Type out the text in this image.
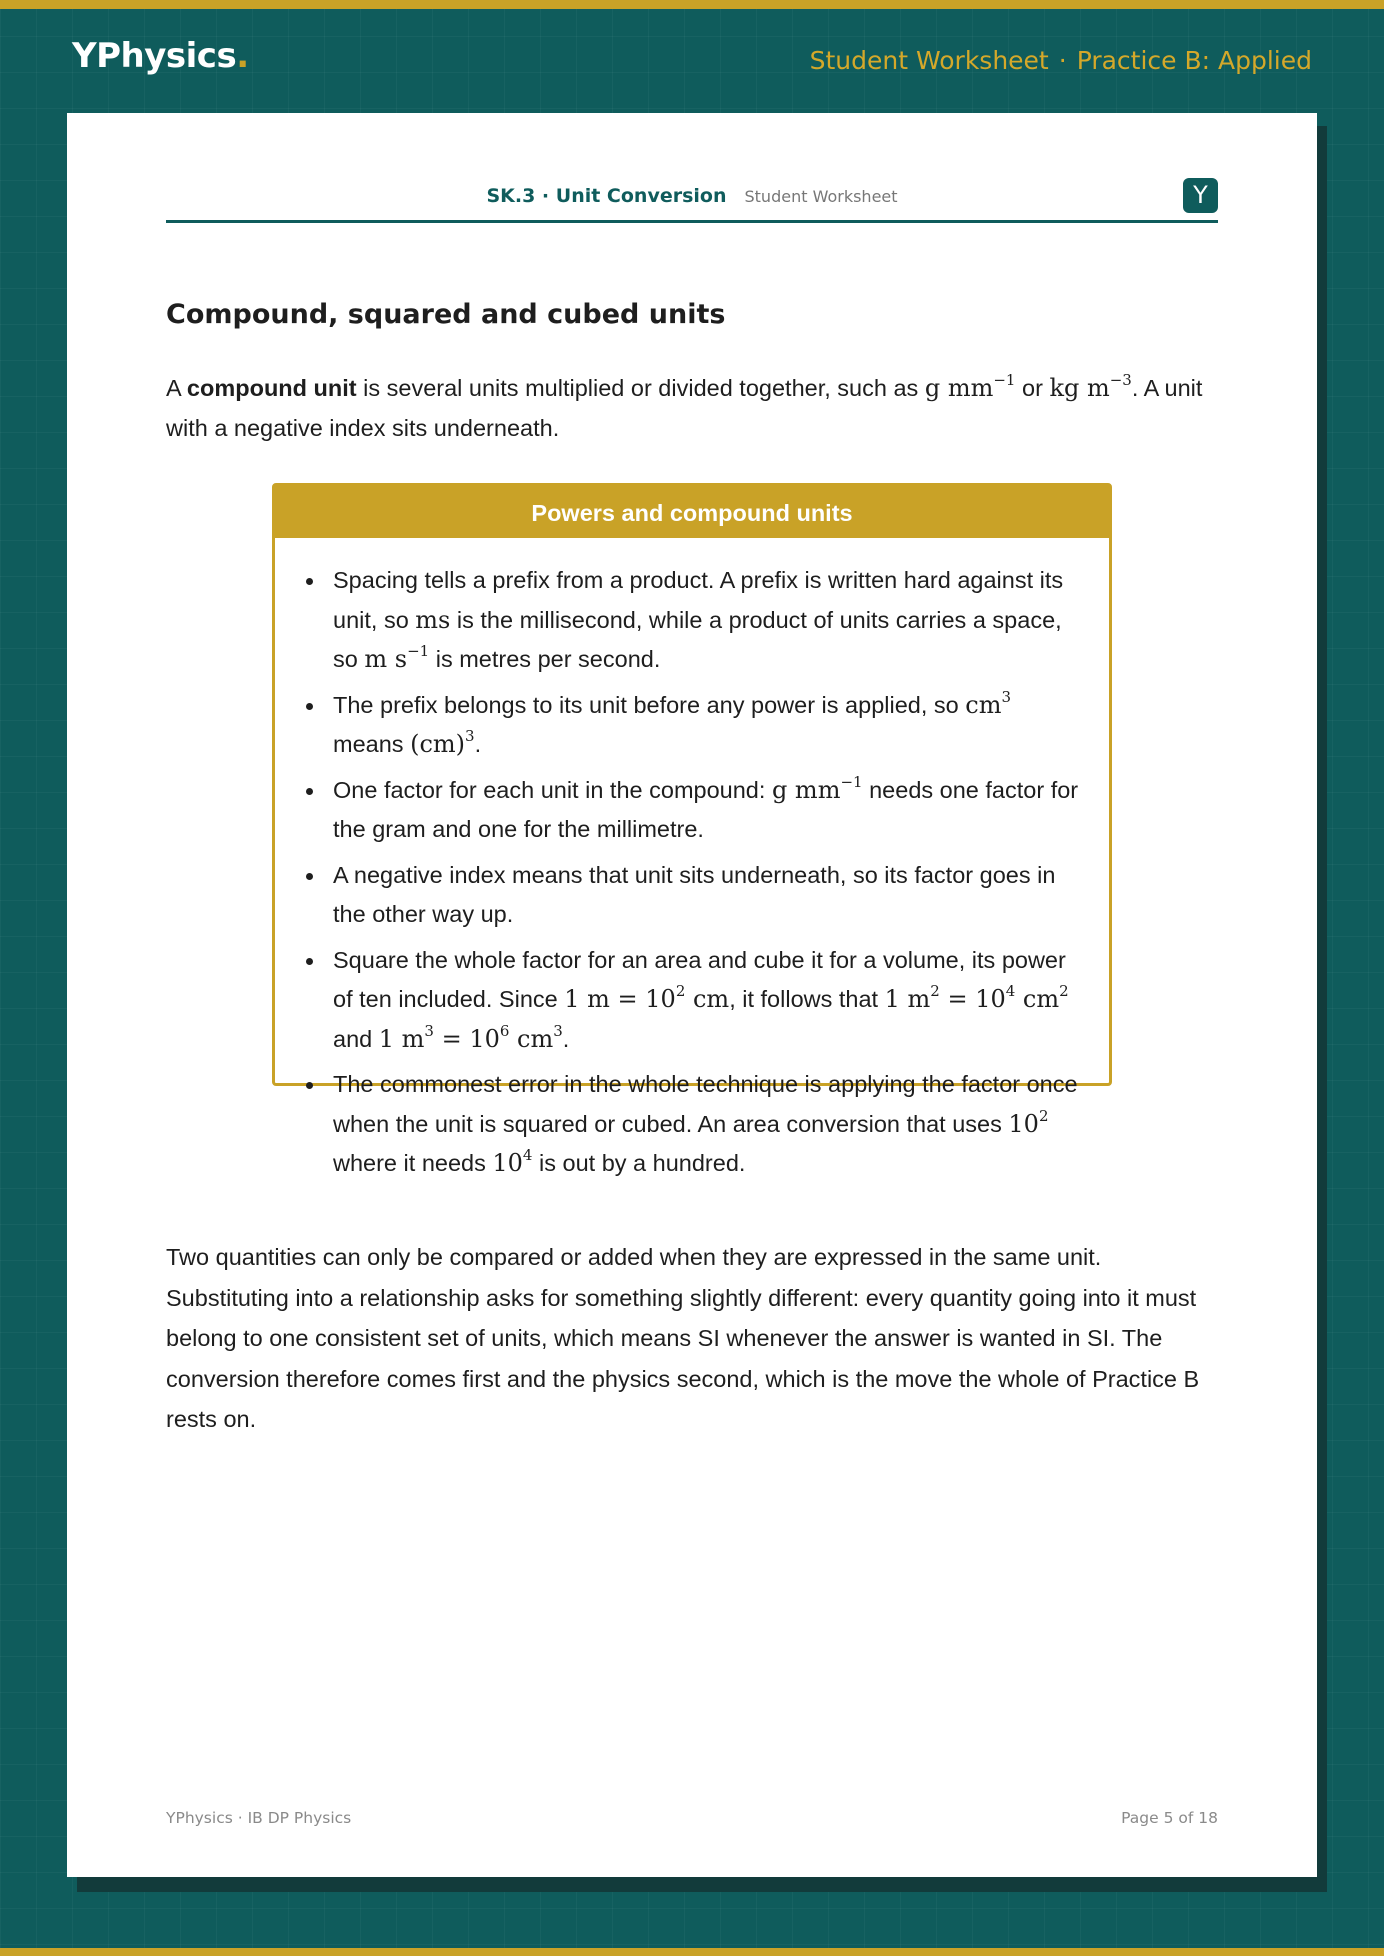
YPhysics.	Student Worksheet · Practice B: Applied
SK.3 · Unit Conversion Student Worksheet	Y
Compound, squared and cubed units

A compound unit is several units multiplied or divided together, such as g $mm^{-1}$ or kg $m^{-3}$. A unit with a negative index sits underneath.

Powers and compound units
Spacing tells a prefix from a product. A prefix is written hard against its unit, so ms is the millisecond, while a product of units carries a space, so m $s^{-1}$ is metres per second.
The prefix belongs to its unit before any power is applied, so $cm^3$ means (cm)$^3$.
One factor for each unit in the compound: g $mm^{-1}$ needs one factor for the gram and one for the millimetre.
A negative index means that unit sits underneath, so its factor goes in the other way up.
Square the whole factor for an area and cube it for a volume, its power of ten included. Since 1 $m = 10^2$ cm, it follows that 1 $m^2 = 10^4$ $cm^2$ and 1 $m^3 = 10^6$ $cm^3$.
The commonest error in the whole technique is applying the factor once when the unit is squared or cubed. An area conversion that uses $10^2$ where it needs $10^4$ is out by a hundred.

Two quantities can only be compared or added when they are expressed in the same unit. Substituting into a relationship asks for something slightly different: every quantity going into it must belong to one consistent set of units, which means SI whenever the answer is wanted in SI. The conversion therefore comes first and the physics second, which is the move the whole of Practice B rests on.

YPhysics · IB DP Physics	Page 5 of 18
